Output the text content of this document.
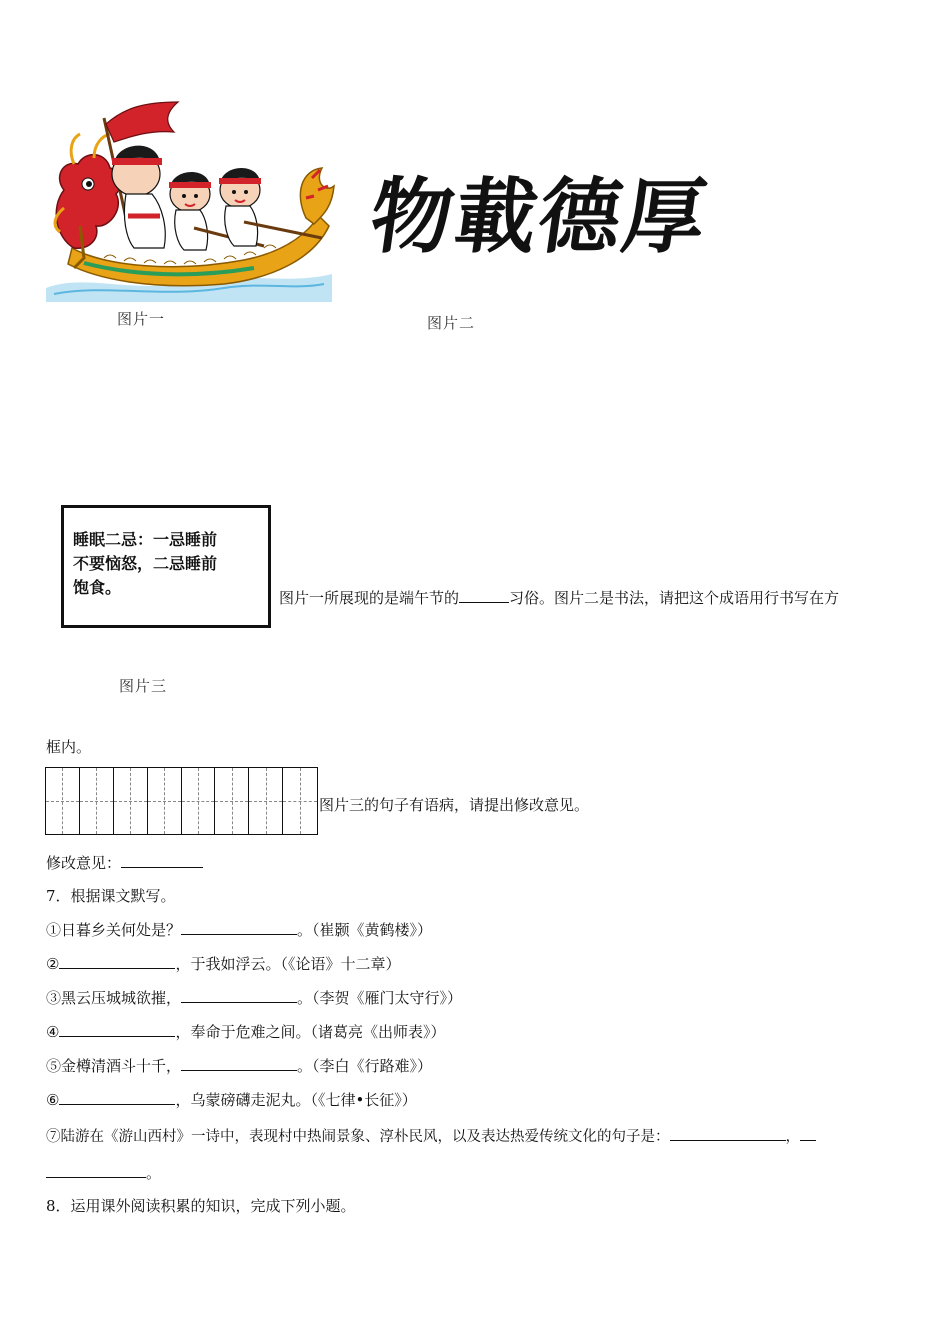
图片一
物載德厚
图片二
睡眠二忌：一忌睡前
不要恼怒，二忌睡前
饱食。
图片三
图片一所展现的是端午节的	习俗。图片二是书法，请把这个成语用行书写在方
框内。
图片三的句子有语病，请提出修改意见。
修改意见：
7．根据课文默写。
①日暮乡关何处是？	。（崔颢《黄鹤楼》）
②	，于我如浮云。（《论语》十二章）
③黑云压城城欲摧，	。（李贺《雁门太守行》）
④	，奉命于危难之间。（诸葛亮《出师表》）
⑤金樽清酒斗十千，	。（李白《行路难》）
⑥	，乌蒙磅礴走泥丸。（《七律•长征》）
⑦陆游在《游山西村》一诗中，表现村中热闹景象、淳朴民风，以及表达热爱传统文化的句子是：	，
。
8．运用课外阅读积累的知识，完成下列小题。
